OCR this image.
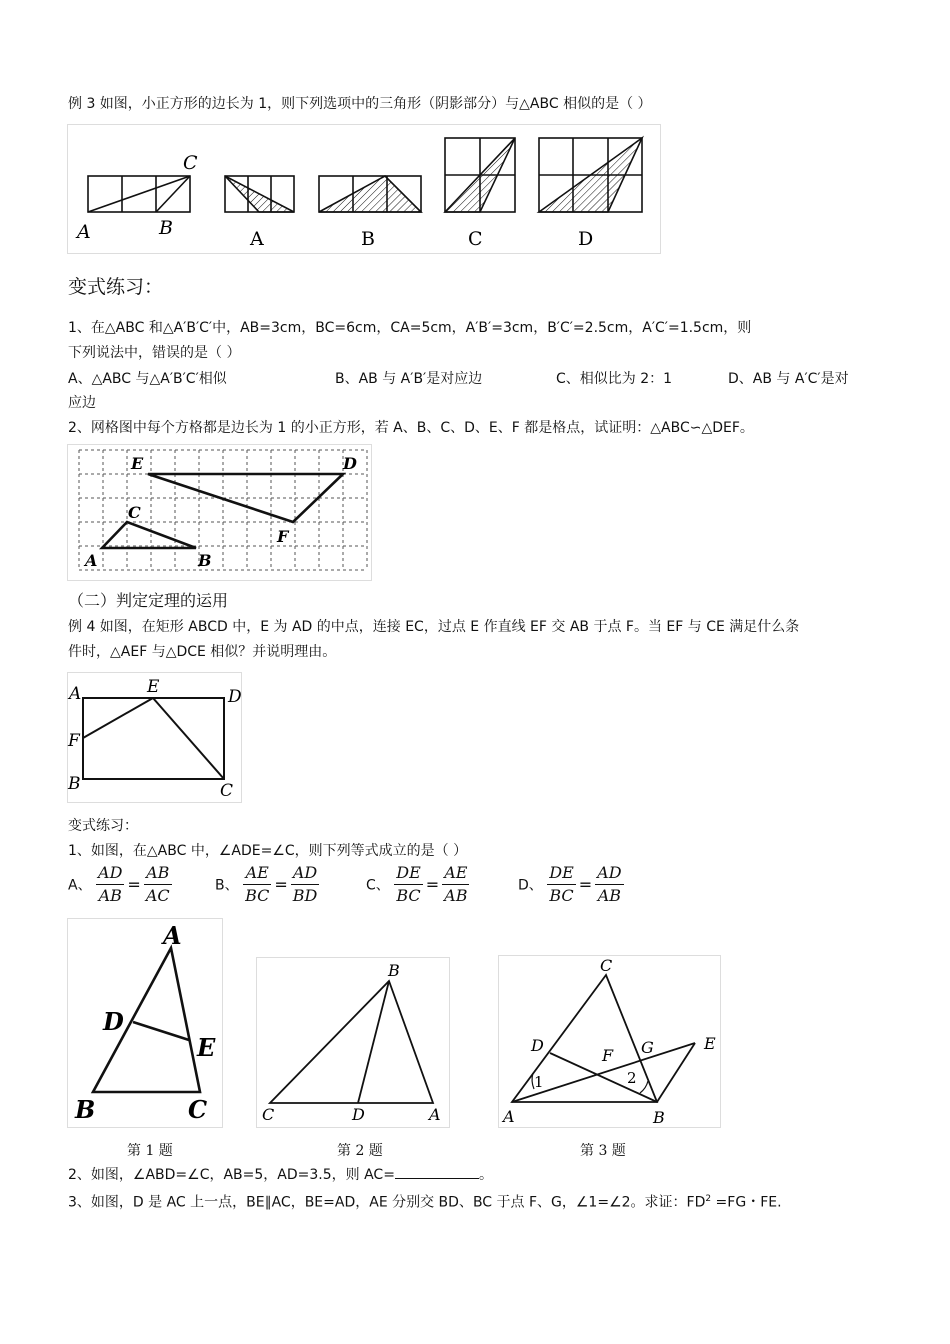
例 3 如图，小正方形的边长为 1，则下列选项中的三角形（阴影部分）与△ABC 相似的是（ ）
C
A	B	A	B	C	D
变式练习：
1、在△ABC 和△A′B′C′中，AB=3cm，BC=6cm，CA=5cm，A′B′=3cm，B′C′=2.5cm，A′C′=1.5cm，则
下列说法中，错误的是（ ）
A、△ABC 与△A′B′C′相似	B、AB 与 A′B′是对应边	C、相似比为 2：1	D、AB 与 A′C′是对
应边
2、网格图中每个方格都是边长为 1 的小正方形，若 A、B、C、D、E、F 都是格点，试证明：△ABC∽△DEF。
E	D
C
F
A	B
（二）判定定理的运用
例 4 如图，在矩形 ABCD 中，E 为 AD 的中点，连接 EC，过点 E 作直线 EF 交 AB 于点 F。当 EF 与 CE 满足什么条
件时，△AEF 与△DCE 相似？并说明理由。
A	E	D
F
B	C
变式练习：
1、如图，在△ABC 中，∠ADE=∠C，则下列等式成立的是（ ）
A、 $\frac{AD}{AB} = \frac{AB}{AC}$	B、 $\frac{AE}{BC} = \frac{AD}{BD}$	C、 $\frac{DE}{BC} = \frac{AE}{AB}$	D、 $\frac{DE}{BC} = \frac{AD}{AB}$
A
D
E
B	C
B
C	D	A
C
D
F G	E
1	2
A	B
第 1 题	第 2 题	第 3 题
2、如图，∠ABD=∠C，AB=5，AD=3.5，则 AC=	。
3、如图，D 是 AC 上一点，BE∥AC，BE=AD，AE 分别交 BD、BC 于点 F、G，∠1=∠2。求证：$FD^2 =FG$・FE.
